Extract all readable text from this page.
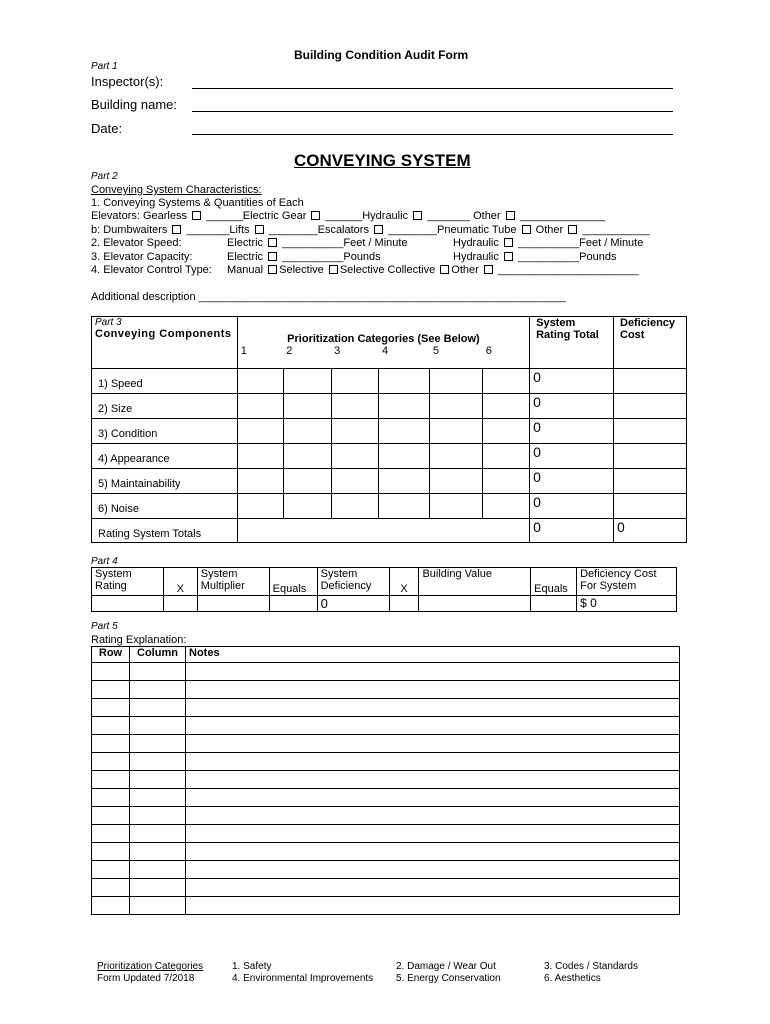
Building Condition Audit Form
Part 1
Inspector(s):
Building name:
Date:
CONVEYING SYSTEM
Part 2
Conveying System Characteristics:
1. Conveying Systems & Quantities of Each
Elevators: Gearless  ______Electric Gear  ______Hydraulic  _______ Other  ______________
b: Dumbwaiters  _______Lifts  ________Escalators  ________Pneumatic Tube  Other  ___________
2. Elevator Speed:	Electric  __________Feet / Minute	Hydraulic  __________Feet / Minute
3. Elevator Capacity:	Electric  __________Pounds	Hydraulic  __________Pounds
4. Elevator Control Type: Manual Selective Selective Collective Other  _______________________
Additional description ____________________________________________________________
Part 3
Conveying Components	Prioritization Categories (See Below)						System Rating Total	Deficiency Cost
	1	2	3	4	5	6		
1) Speed							0	
2) Size							0	
3) Condition							0	
4) Appearance							0	
5) Maintainability							0	
6) Noise							0	
Rating System Totals							0	0
Part 4
System Rating	X	System Multiplier	Equals	System Deficiency	X	Building Value	Equals	Deficiency Cost For System
				0				$ 0
Part 5
Rating Explanation:
Row	Column	Notes

Prioritization Categories
Form Updated 7/2018
1. Safety
4. Environmental Improvements
2. Damage / Wear Out
5. Energy Conservation
3. Codes / Standards
6. Aesthetics
